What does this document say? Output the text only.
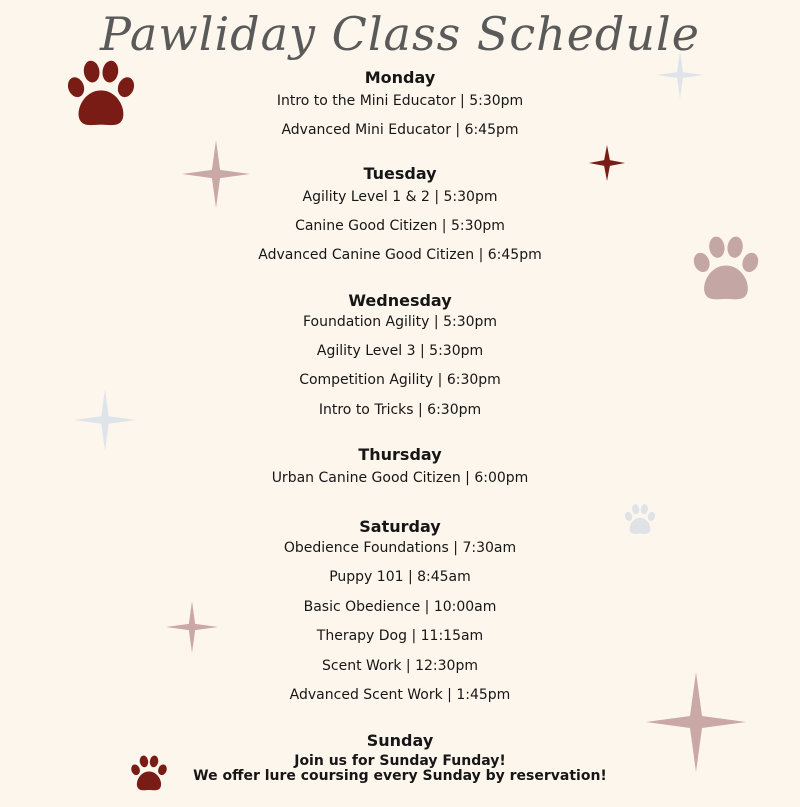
Pawliday Class Schedule
Monday
Intro to the Mini Educator | 5:30pm
Advanced Mini Educator | 6:45pm
Tuesday
Agility Level 1 & 2 | 5:30pm
Canine Good Citizen | 5:30pm
Advanced Canine Good Citizen | 6:45pm
Wednesday
Foundation Agility | 5:30pm
Agility Level 3 | 5:30pm
Competition Agility | 6:30pm
Intro to Tricks | 6:30pm
Thursday
Urban Canine Good Citizen | 6:00pm
Saturday
Obedience Foundations | 7:30am
Puppy 101 | 8:45am
Basic Obedience | 10:00am
Therapy Dog | 11:15am
Scent Work | 12:30pm
Advanced Scent Work | 1:45pm
Sunday
Join us for Sunday Funday!
We offer lure coursing every Sunday by reservation!
